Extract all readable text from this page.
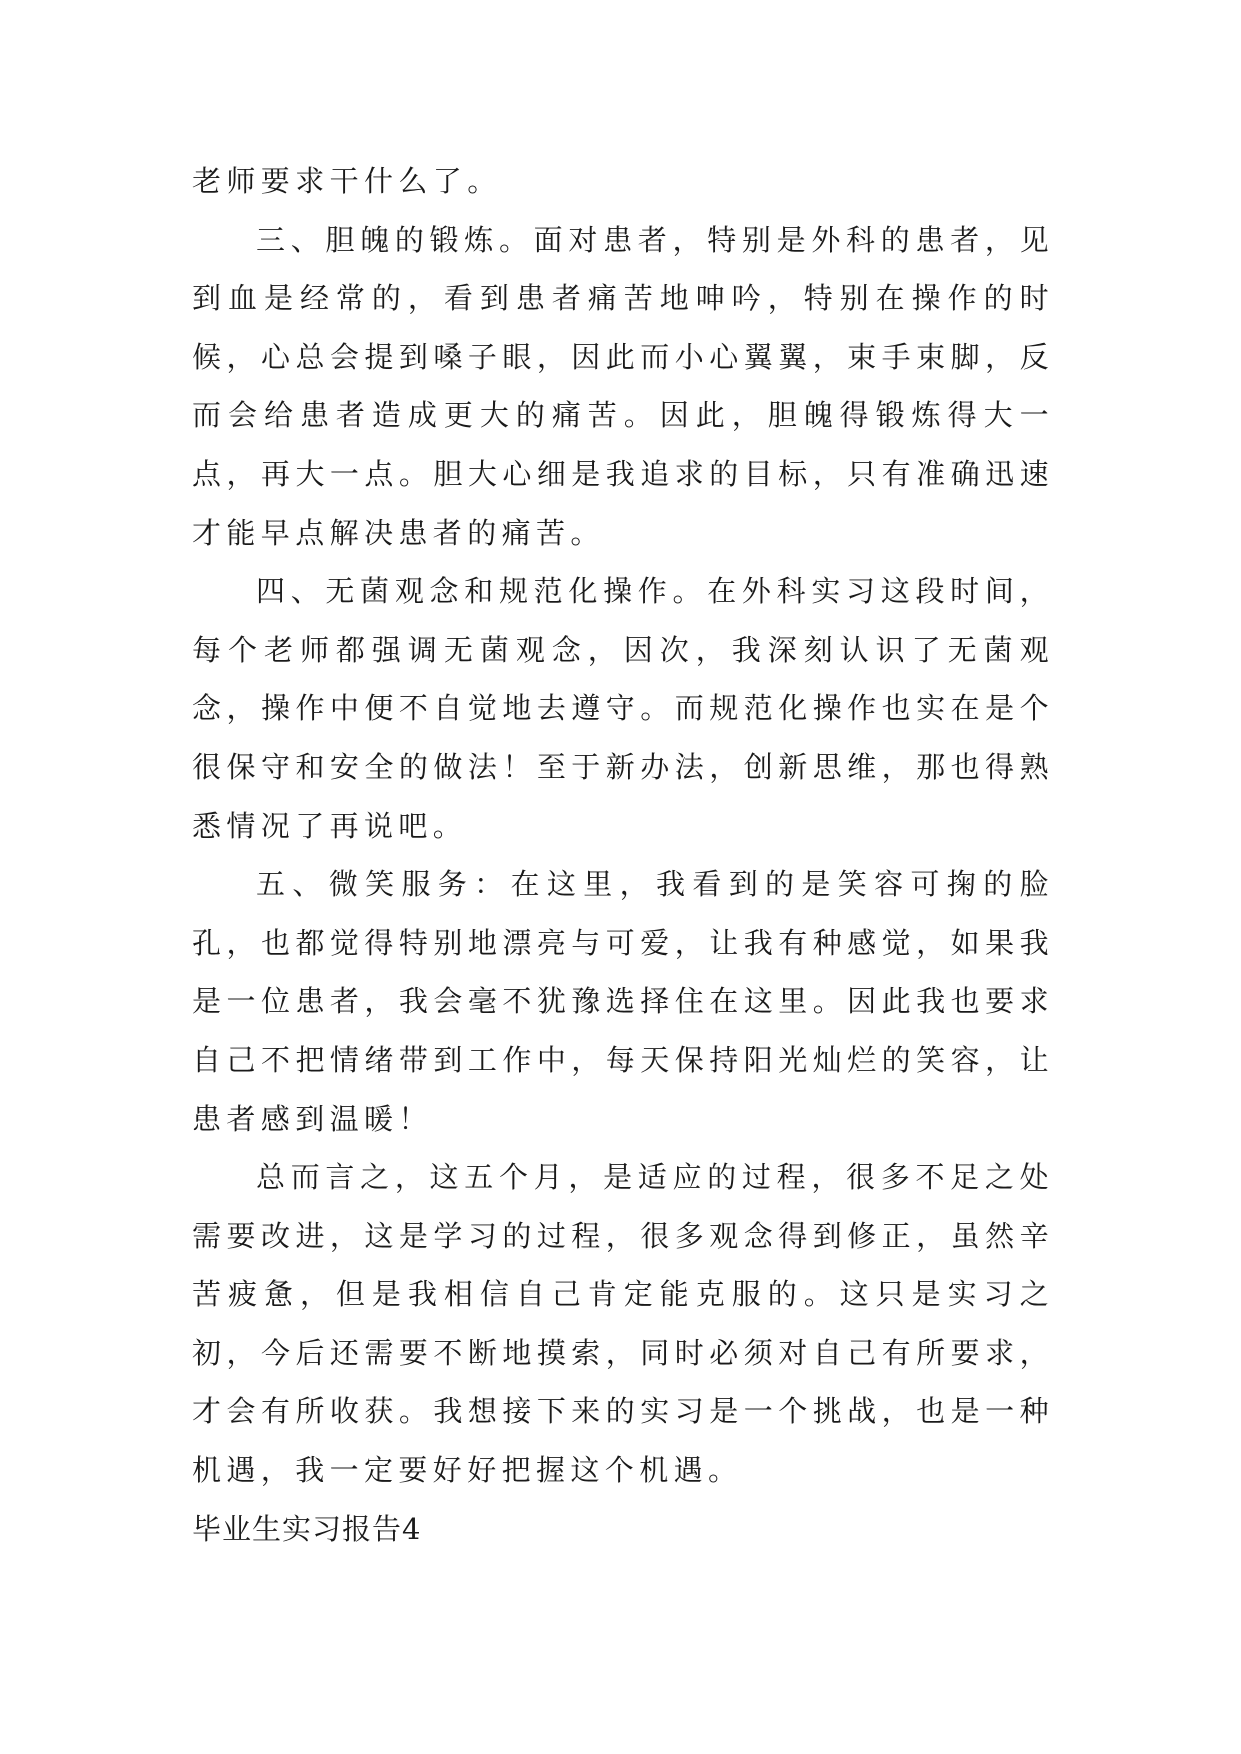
老师要求干什么了。

三、胆魄的锻炼。面对患者，特别是外科的患者，见到血是经常的，看到患者痛苦地呻吟，特别在操作的时候，心总会提到嗓子眼，因此而小心翼翼，束手束脚，反而会给患者造成更大的痛苦。因此，胆魄得锻炼得大一点，再大一点。胆大心细是我追求的目标，只有准确迅速才能早点解决患者的痛苦。

四、无菌观念和规范化操作。在外科实习这段时间，每个老师都强调无菌观念，因次，我深刻认识了无菌观念，操作中便不自觉地去遵守。而规范化操作也实在是个很保守和安全的做法！至于新办法，创新思维，那也得熟悉情况了再说吧。

五、微笑服务：在这里，我看到的是笑容可掬的脸孔，也都觉得特别地漂亮与可爱，让我有种感觉，如果我是一位患者，我会毫不犹豫选择住在这里。因此我也要求自己不把情绪带到工作中，每天保持阳光灿烂的笑容，让患者感到温暖！

总而言之，这五个月，是适应的过程，很多不足之处需要改进，这是学习的过程，很多观念得到修正，虽然辛苦疲惫，但是我相信自己肯定能克服的。这只是实习之初，今后还需要不断地摸索，同时必须对自己有所要求，才会有所收获。我想接下来的实习是一个挑战，也是一种机遇，我一定要好好把握这个机遇。

毕业生实习报告4
